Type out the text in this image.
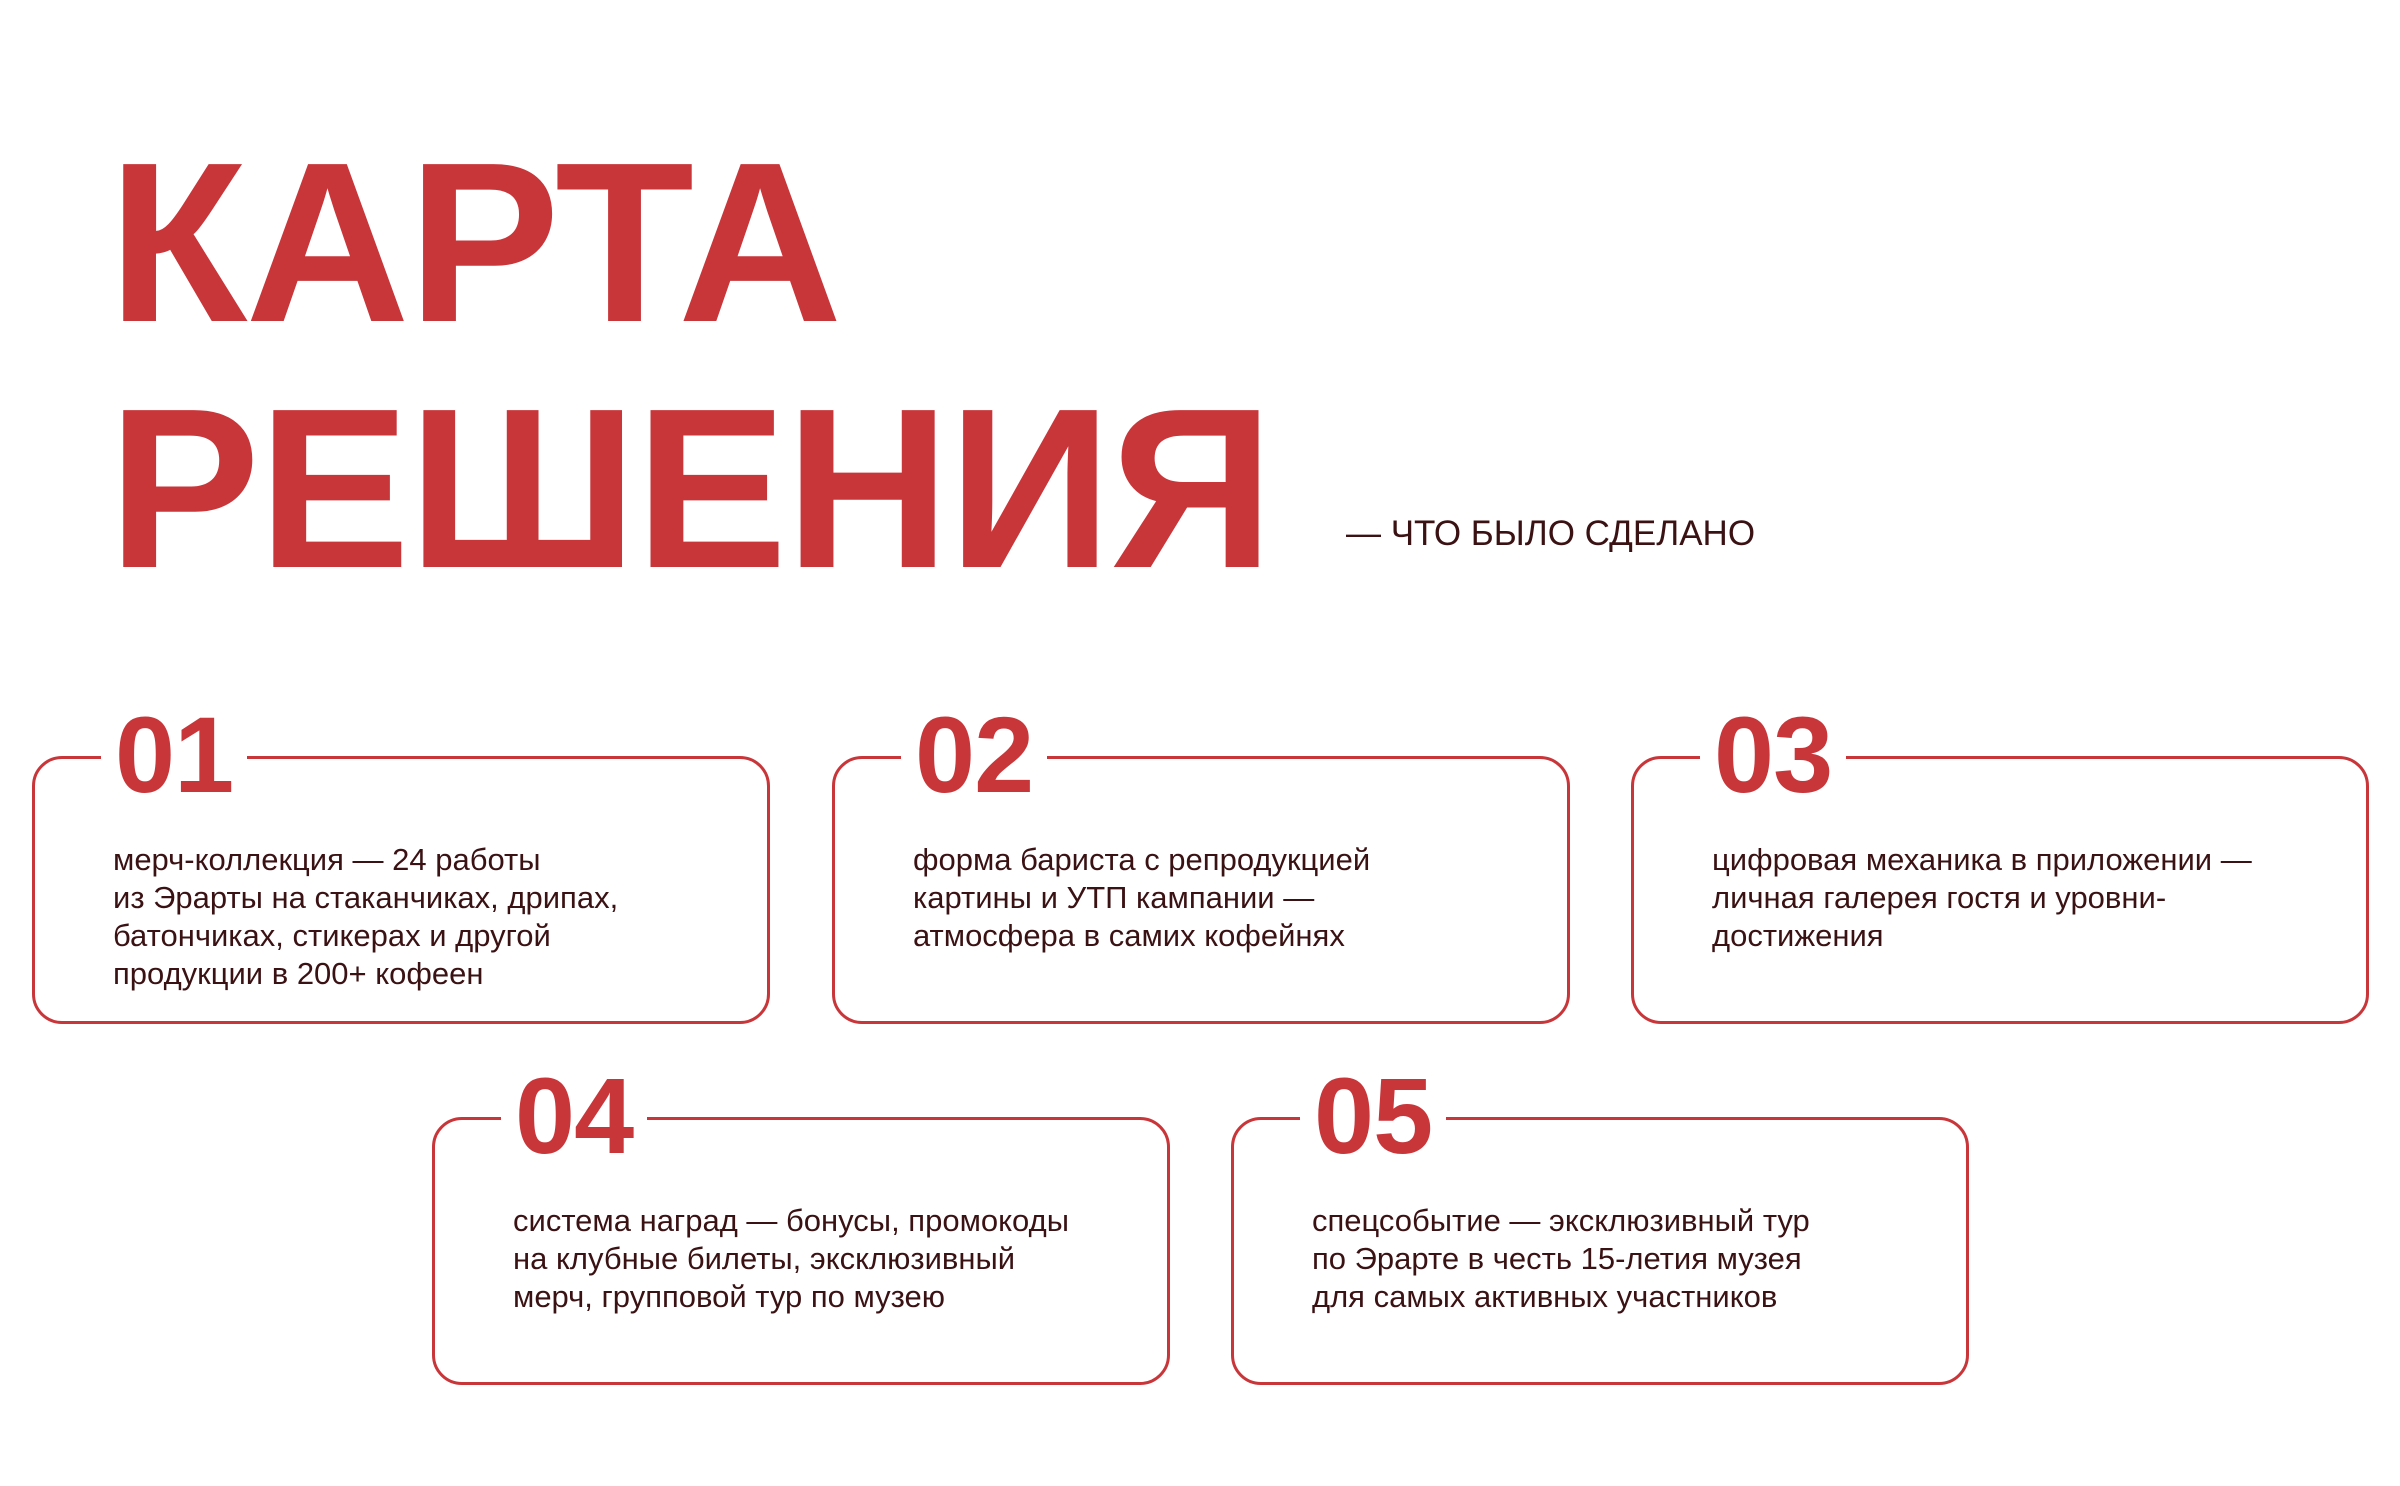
КАРТА
РЕШЕНИЯ — ЧТО БЫЛО СДЕЛАНО
01

мерч-коллекция — 24 работы
из Эрарты на стаканчиках, дрипах,
батончиках, стикерах и другой
продукции в 200+ кофеен

02

форма бариста с репродукцией
картины и УТП кампании —
атмосфера в самих кофейнях

03

цифровая механика в приложении —
личная галерея гостя и уровни-
достижения

04

система наград — бонусы, промокоды
на клубные билеты, эксклюзивный
мерч, групповой тур по музею

05

спецсобытие — эксклюзивный тур
по Эрарте в честь 15-летия музея
для самых активных участников
